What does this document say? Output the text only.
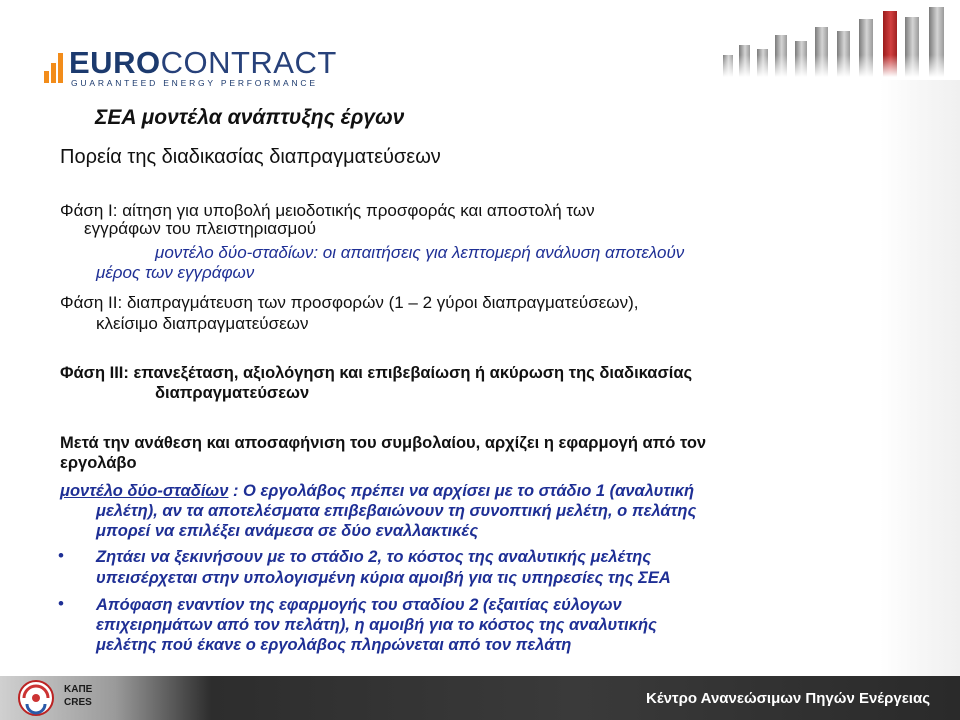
EUROCONTRACT
GUARANTEED ENERGY PERFORMANCE
ΣΕΑ μοντέλα ανάπτυξης έργων
Πορεία της διαδικασίας διαπραγματεύσεων
Φάση Ι: αίτηση για υποβολή μειοδοτικής προσφοράς και αποστολή των
εγγράφων του πλειστηριασμού
μοντέλο δύο-σταδίων: οι απαιτήσεις για λεπτομερή ανάλυση αποτελούν
μέρος των εγγράφων
Φάση ΙΙ: διαπραγμάτευση των προσφορών (1 – 2 γύροι διαπραγματεύσεων),
κλείσιμο διαπραγματεύσεων
Φάση ΙΙΙ: επανεξέταση, αξιολόγηση και επιβεβαίωση ή ακύρωση της διαδικασίας
διαπραγματεύσεων
Μετά την ανάθεση και αποσαφήνιση του συμβολαίου, αρχίζει η εφαρμογή από τον
εργολάβο
μοντέλο δύο-σταδίων : Ο εργολάβος πρέπει να αρχίσει με το στάδιο 1 (αναλυτική
μελέτη), αν τα αποτελέσματα επιβεβαιώνουν τη συνοπτική μελέτη, ο πελάτης
μπορεί να επιλέξει ανάμεσα σε δύο εναλλακτικές
• Ζητάει να ξεκινήσουν με το στάδιο 2, το κόστος της αναλυτικής μελέτης
υπεισέρχεται στην υπολογισμένη κύρια αμοιβή για τις υπηρεσίες της ΣΕΑ
• Απόφαση εναντίον της εφαρμογής του σταδίου 2 (εξαιτίας εύλογων
επιχειρημάτων από τον πελάτη), η αμοιβή για το κόστος της αναλυτικής
μελέτης πού έκανε ο εργολάβος πληρώνεται από τον πελάτη
ΚΑΠΕ
CRES	Κέντρο Ανανεώσιμων Πηγών Ενέργειας
